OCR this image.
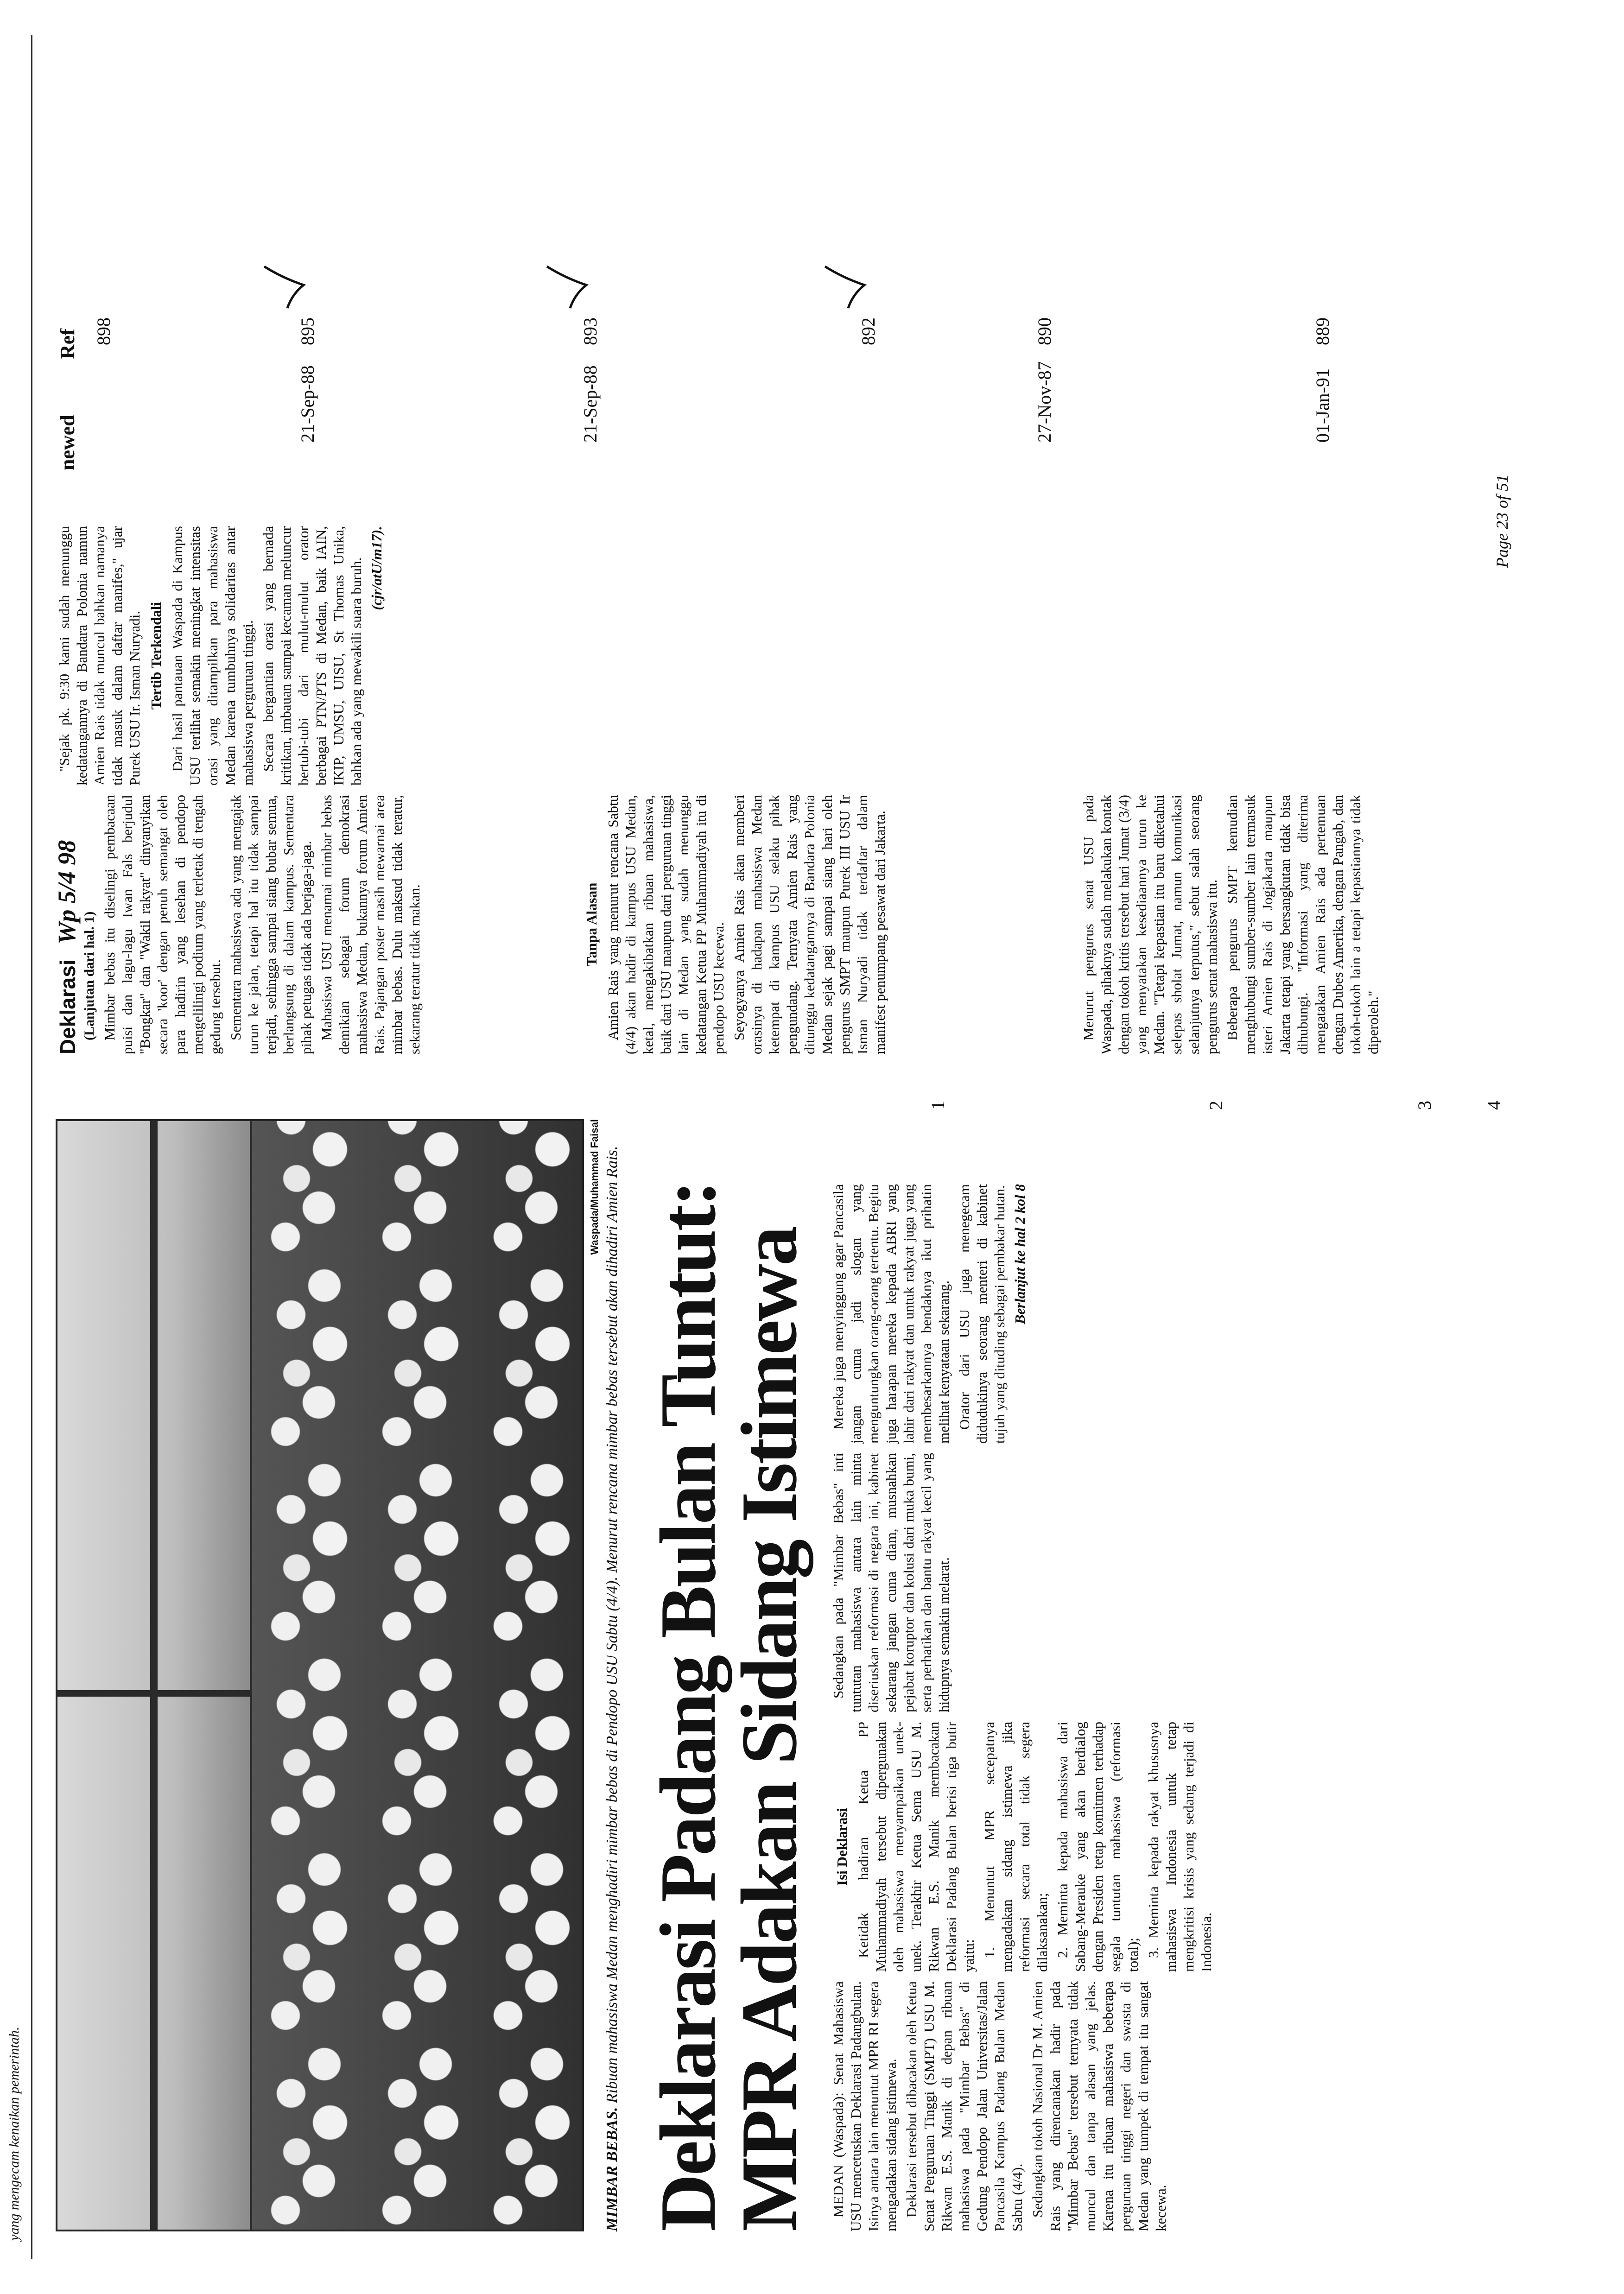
yang mengecam kenaikan pemerintah.
Waspada/Muhammad Faisal
MIMBAR BEBAS. Ribuan mahasiswa Medan menghadiri mimbar bebas di Pendopo USU Sabtu (4/4). Menurut rencana mimbar bebas tersebut akan dihadiri Amien Rais. Deklarasi Padang Bulan Tuntut:
MPR Adakan Sidang Istimewa MEDAN (Waspada): Senat Mahasiswa USU mencetuskan Deklarasi Padangbulan. Isinya antara lain menuntut MPR RI segera mengadakan sidang istimewa. Deklarasi tersebut dibacakan oleh Ketua Senat Perguruan Tinggi (SMPT) USU M. Rikwan E.S. Manik di depan ribuan mahasiswa pada "Mimbar Bebas" di Gedung Pendopo Jalan Universitas/Jalan Pancasila Kampus Padang Bulan Medan Sabtu (4/4). Sedangkan tokoh Nasional Dr M. Amien Rais yang direncanakan hadir pada "Mimbar Bebas" tersebut ternyata tidak muncul dan tanpa alasan yang jelas. Karena itu ribuan mahasiswa beberapa perguruan tinggi negeri dan swasta di Medan yang tumpek di tempat itu sangat kecewa.

Isi Deklarasi Ketidak hadiran Ketua PP Muhammadiyah tersebut dipergunakan oleh mahasiswa menyampaikan unek-unek. Terakhir Ketua Sema USU M. Rikwan E.S. Manik membacakan Deklarasi Padang Bulan berisi tiga butir yaitu: 1. Menuntut MPR secepatnya mengadakan sidang istimewa jika reformasi secara total tidak segera dilaksanakan; 2. Meminta kepada mahasiswa dari Sabang-Merauke yang akan berdialog dengan Presiden tetap komitmen terhadap segala tuntutan mahasiswa (reformasi total); 3. Meminta kepada rakyat khususnya mahasiswa Indonesia untuk tetap mengkritisi krisis yang sedang terjadi di Indonesia.

Sedangkan pada "Mimbar Bebas" inti tuntutan mahasiswa antara lain minta diseriuskan reformasi di negara ini, kabinet sekarang jangan cuma diam, musnahkan pejabat koruptor dan kolusi dari muka bumi, serta perhatikan dan bantu rakyat kecil yang hidupnya semakin melarat.

Mereka juga menyinggung agar Pancasila jangan cuma jadi slogan yang menguntungkan orang-orang tertentu. Begitu juga harapan mereka kepada ABRI yang lahir dari rakyat dan untuk rakyat juga yang membesarkannya bendaknya ikut prihatin melihat kenyataan sekarang. Orator dari USU juga menegecam didudukinya seorang menteri di kabinet tujuh yang dituding sebagai pembakar hutan. Berlanjut ke hal 2 kol 8

Deklarasi Wp 5/4 98

(Lanjutan dari hal. 1) Mimbar bebas itu diselingi pembacaan puisi dan lagu-lagu Iwan Fals berjudul "Bongkar" dan "Wakil rakyat" dinyanyikan secara 'koor' dengan penuh semangat oleh para hadirin yang lesehan di pendopo mengelilingi podium yang terletak di tengah gedung tersebut. Sementara mahasiswa ada yang mengajak turun ke jalan, tetapi hal itu tidak sampai terjadi, sehingga sampai siang bubar semua, berlangsung di dalam kampus. Sementara pihak petugas tidak ada berjaga-jaga. Mahasiswa USU menamai mimbar bebas demikian sebagai forum demokrasi mahasiswa Medan, bukannya forum Amien Rais. Pajangan poster masih mewarnai area mimbar bebas. Dulu maksud tidak teratur, sekarang teratur tidak makan.	Tanpa Alasan Amien Rais yang menurut rencana Sabtu (4/4) akan hadir di kampus USU Medan, ketal, mengakibatkan ribuan mahasiswa, baik dari USU maupun dari perguruan tinggi lain di Medan yang sudah menunggu kedatangan Ketua PP Muhammadiyah itu di pendopo USU kecewa. Seyogyanya Amien Rais akan memberi orasinya di hadapan mahasiswa Medan ketempat di kampus USU selaku pihak pengundang. Ternyata Amien Rais yang ditunggu kedatangannya di Bandara Polonia Medan sejak pagi sampai siang hari oleh pengurus SMPT maupun Purek III USU Ir Isman Nuryadi tidak terdaftar dalam manifest penumpang pesawat dari Jakarta.	Menurut pengurus senat USU pada Waspada, pihaknya sudah melakukan kontak dengan tokoh kritis tersebut hari Jumat (3/4) yang menyatakan kesediaannya turun ke Medan. "Tetapi kepastian itu baru diketahui selepas sholat Jumat, namun komunikasi selanjutnya terputus," sebut salah seorang pengurus senat mahasiswa itu. Beberapa pengurus SMPT kemudian menghubungi sumber-sumber lain termasuk isteri Amien Rais di Jogjakarta maupun Jakarta tetapi yang bersangkutan tidak bisa dihubungi. "Informasi yang diterima mengatakan Amien Rais ada pertemuan dengan Dubes Amerika, dengan Pangab, dan tokoh-tokoh lain a tetapi kepastiannya tidak diperoleh."

"Sejak pk. 9:30 kami sudah menunggu kedatangannya di Bandara Polonia namun Amien Rais tidak muncul bahkan namanya tidak masuk dalam daftar manifes," ujar Purek USU Ir. Isman Nuryadi. Tertib Terkendali Dari hasil pantauan Waspada di Kampus USU terlihat semakin meningkat intensitas orasi yang ditampilkan para mahasiswa Medan karena tumbuhnya solidaritas antar mahasiswa perguruan tinggi. Secara bergantian orasi yang bernada kritikan, imbauan sampai kecaman meluncur bertubi-tubi dari mulut-mulut orator berbagai PTN/PTS di Medan, baik IAIN, IKIP, UMSU, UISU, St Thomas Unika, bahkan ada yang mewakili suara buruh. (cjr/atU/m17).

1	2	3	4
newed
Ref 898
21-Sep-88
895
21-Sep-88
893	892
27-Nov-87
890
01-Jan-91
889
Page 23 of 51
